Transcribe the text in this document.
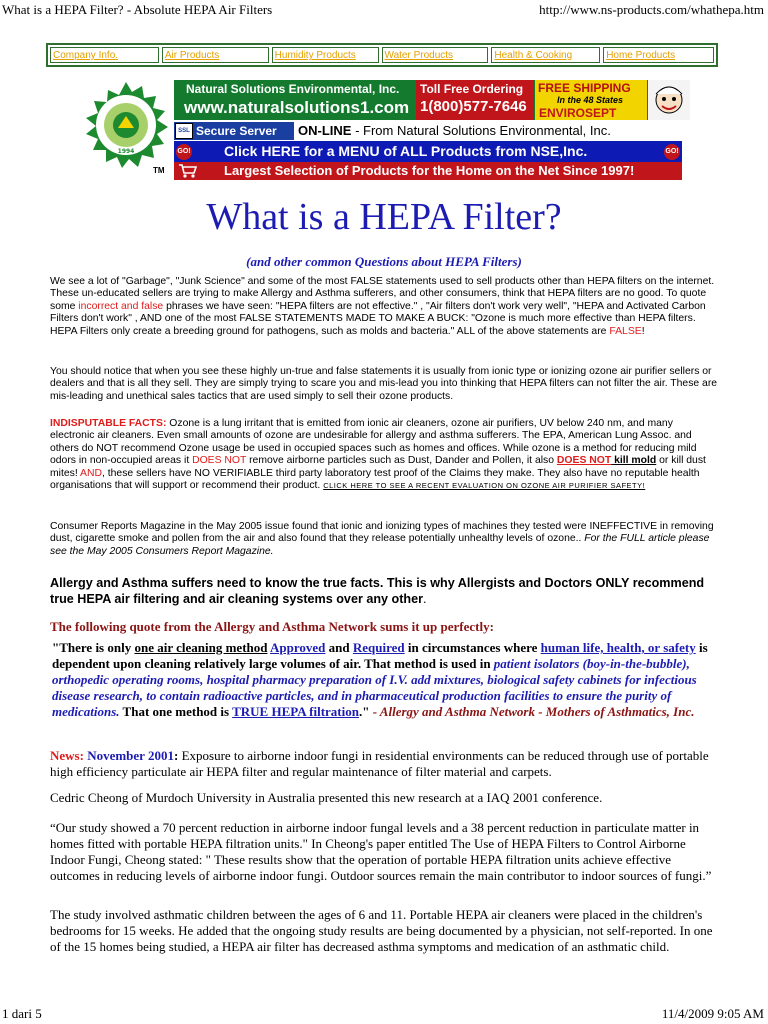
What is a HEPA Filter? - Absolute HEPA Air Filters	http://www.ns-products.com/whathepa.htm
Company Info.	Air Products	Humidity Products	Water Products	Health & Cooking	Home Products
1994
TM
Natural Solutions Environmental, Inc.
www.naturalsolutions1.com
Toll Free Ordering
1(800)577-7646
FREE SHIPPING
In the 48 States
ENVIROSEPT
SSL Secure Server ON-LINE - From Natural Solutions Environmental, Inc.
GO! Click HERE for a MENU of ALL Products from NSE,Inc.	GO!
Largest Selection of Products for the Home on the Net Since 1997!
What is a HEPA Filter?
(and other common Questions about HEPA Filters)
We see a lot of "Garbage", "Junk Science" and some of the most FALSE statements used to sell products other than HEPA filters on the internet. These un-educated sellers are trying to make Allergy and Asthma sufferers, and other consumers, think that HEPA filters are no good. To quote some incorrect and false phrases we have seen: "HEPA filters are not effective." , "Air filters don't work very well", "HEPA and Activated Carbon Filters don't work" , AND one of the most FALSE STATEMENTS MADE TO MAKE A BUCK: "Ozone is much more effective than HEPA filters. HEPA Filters only create a breeding ground for pathogens, such as molds and bacteria." ALL of the above statements are FALSE!
You should notice that when you see these highly un-true and false statements it is usually from ionic type or ionizing ozone air purifier sellers or dealers and that is all they sell. They are simply trying to scare you and mis-lead you into thinking that HEPA filters can not filter the air. These are mis-leading and unethical sales tactics that are used simply to sell their ozone products.
INDISPUTABLE FACTS: Ozone is a lung irritant that is emitted from ionic air cleaners, ozone air purifiers, UV below 240 nm, and many electronic air cleaners. Even small amounts of ozone are undesirable for allergy and asthma sufferers. The EPA, American Lung Assoc. and others do NOT recommend Ozone usage be used in occupied spaces such as homes and offices. While ozone is a method for reducing mild odors in non-occupied areas it DOES NOT remove airborne particles such as Dust, Dander and Pollen, it also DOES NOT kill mold or kill dust mites! AND, these sellers have NO VERIFIABLE third party laboratory test proof of the Claims they make. They also have no reputable health organisations that will support or recommend their product. CLICK HERE TO SEE A RECENT EVALUATION ON OZONE AIR PURIFIER SAFETY!
Consumer Reports Magazine in the May 2005 issue found that ionic and ionizing types of machines they tested were INEFFECTIVE in removing dust, cigarette smoke and pollen from the air and also found that they release potentially unhealthy levels of ozone.. For the FULL article please see the May 2005 Consumers Report Magazine.
Allergy and Asthma suffers need to know the true facts. This is why Allergists and Doctors ONLY recommend true HEPA air filtering and air cleaning systems over any other.
The following quote from the Allergy and Asthma Network sums it up perfectly:
"There is only one air cleaning method Approved and Required in circumstances where human life, health, or safety is dependent upon cleaning relatively large volumes of air. That method is used in patient isolators (boy-in-the-bubble), orthopedic operating rooms, hospital pharmacy preparation of I.V. add mixtures, biological safety cabinets for infectious disease research, to contain radioactive particles, and in pharmaceutical production facilities to ensure the purity of medications. That one method is TRUE HEPA filtration." - Allergy and Asthma Network - Mothers of Asthmatics, Inc.
News: November 2001: Exposure to airborne indoor fungi in residential environments can be reduced through use of portable high efficiency particulate air HEPA filter and regular maintenance of filter material and carpets.
Cedric Cheong of Murdoch University in Australia presented this new research at a IAQ 2001 conference.
“Our study showed a 70 percent reduction in airborne indoor fungal levels and a 38 percent reduction in particulate matter in homes fitted with portable HEPA filtration units." In Cheong's paper entitled The Use of HEPA Filters to Control Airborne Indoor Fungi, Cheong stated: " These results show that the operation of portable HEPA filtration units achieve effective outcomes in reducing levels of airborne indoor fungi. Outdoor sources remain the main contributor to indoor sources of fungi.”
The study involved asthmatic children between the ages of 6 and 11. Portable HEPA air cleaners were placed in the children's bedrooms for 15 weeks. He added that the ongoing study results are being documented by a physician, not self-reported. In one of the 15 homes being studied, a HEPA air filter has decreased asthma symptoms and medication of an asthmatic child.
1 dari 5	11/4/2009 9:05 AM
